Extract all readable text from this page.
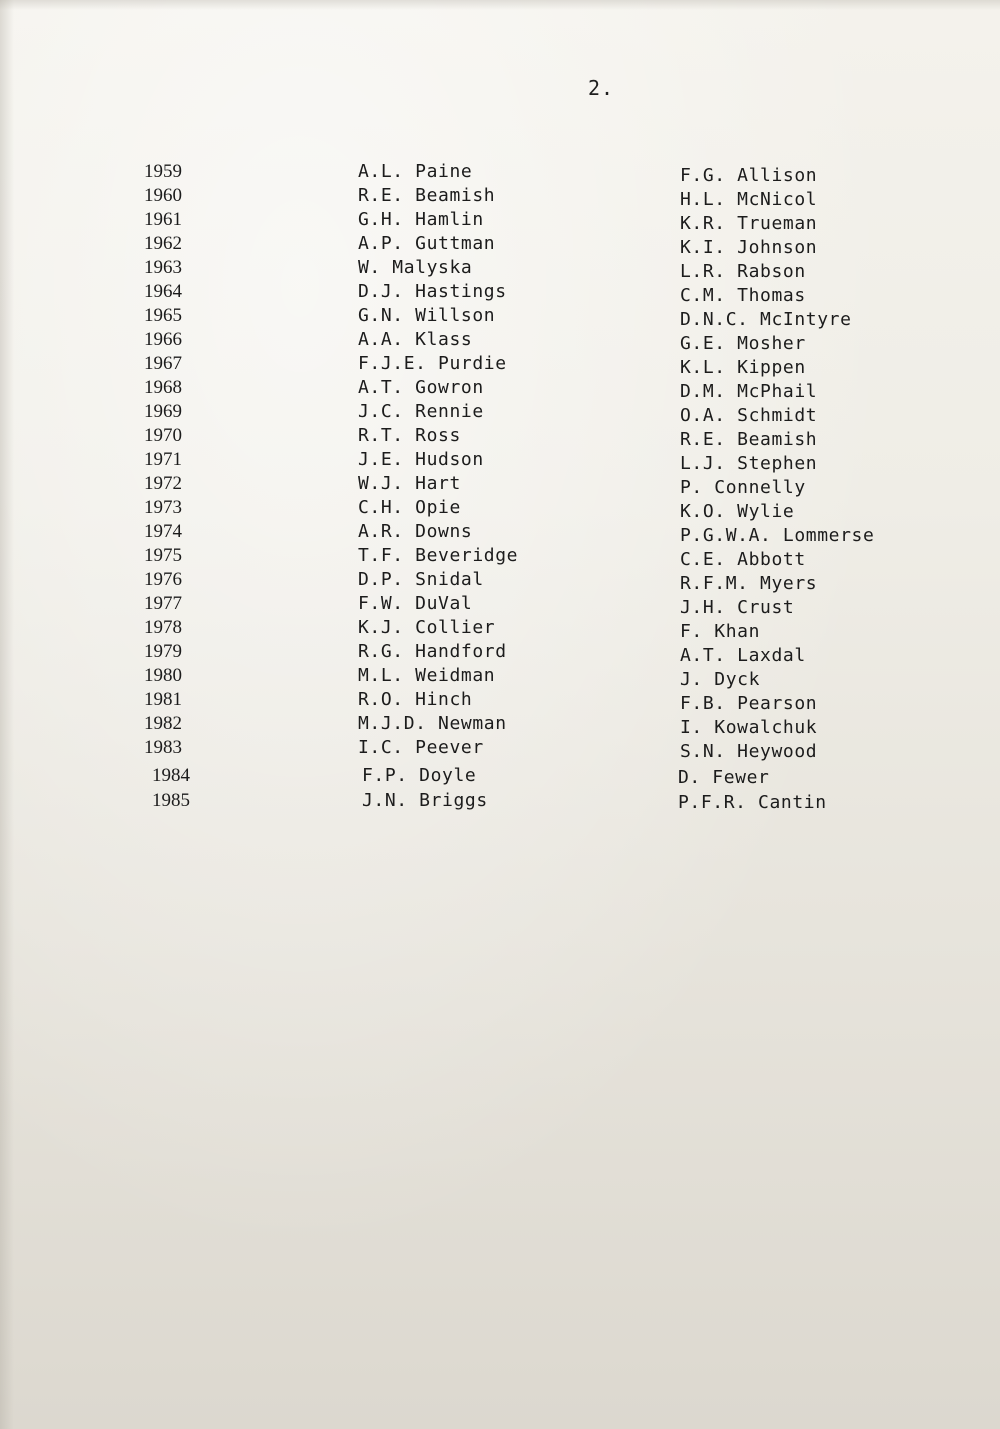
2.
1959	A.L. Paine	F.G. Allison
1960	R.E. Beamish	H.L. McNicol
1961	G.H. Hamlin	K.R. Trueman
1962	A.P. Guttman	K.I. Johnson
1963	W. Malyska	L.R. Rabson
1964	D.J. Hastings	C.M. Thomas
1965	G.N. Willson	D.N.C. McIntyre
1966	A.A. Klass	G.E. Mosher
1967	F.J.E. Purdie	K.L. Kippen
1968	A.T. Gowron	D.M. McPhail
1969	J.C. Rennie	O.A. Schmidt
1970	R.T. Ross	R.E. Beamish
1971	J.E. Hudson	L.J. Stephen
1972	W.J. Hart	P. Connelly
1973	C.H. Opie	K.O. Wylie
1974	A.R. Downs	P.G.W.A. Lommerse
1975	T.F. Beveridge	C.E. Abbott
1976	D.P. Snidal	R.F.M. Myers
1977	F.W. DuVal	J.H. Crust
1978	K.J. Collier	F. Khan
1979	R.G. Handford	A.T. Laxdal
1980	M.L. Weidman	J. Dyck
1981	R.O. Hinch	F.B. Pearson
1982	M.J.D. Newman	I. Kowalchuk
1983	I.C. Peever	S.N. Heywood
1984	F.P. Doyle	D. Fewer
1985	J.N. Briggs	P.F.R. Cantin
